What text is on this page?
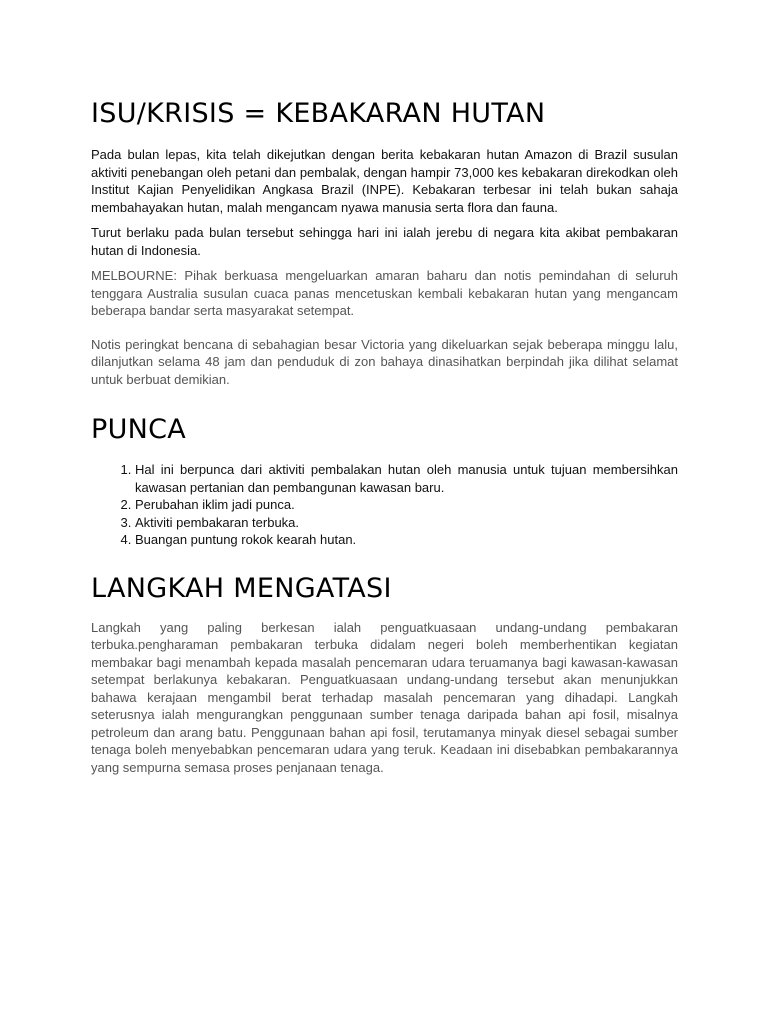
ISU/KRISIS = KEBAKARAN HUTAN

Pada bulan lepas, kita telah dikejutkan dengan berita kebakaran hutan Amazon di Brazil susulan aktiviti penebangan oleh petani dan pembalak, dengan hampir 73,000 kes kebakaran direkodkan oleh Institut Kajian Penyelidikan Angkasa Brazil (INPE). Kebakaran terbesar ini telah bukan sahaja membahayakan hutan, malah mengancam nyawa manusia serta flora dan fauna.

Turut berlaku pada bulan tersebut sehingga hari ini ialah jerebu di negara kita akibat pembakaran hutan di Indonesia.

MELBOURNE: Pihak berkuasa mengeluarkan amaran baharu dan notis pemindahan di seluruh tenggara Australia susulan cuaca panas mencetuskan kembali kebakaran hutan yang mengancam beberapa bandar serta masyarakat setempat.

Notis peringkat bencana di sebahagian besar Victoria yang dikeluarkan sejak beberapa minggu lalu, dilanjutkan selama 48 jam dan penduduk di zon bahaya dinasihatkan berpindah jika dilihat selamat untuk berbuat demikian.

PUNCA
1. Hal ini berpunca dari aktiviti pembalakan hutan oleh manusia untuk tujuan membersihkan kawasan pertanian dan pembangunan kawasan baru.
2. Perubahan iklim jadi punca.
3. Aktiviti pembakaran terbuka.
4. Buangan puntung rokok kearah hutan.
LANGKAH MENGATASI

Langkah yang paling berkesan ialah penguatkuasaan undang-undang pembakaran terbuka.pengharaman pembakaran terbuka didalam negeri boleh memberhentikan kegiatan membakar bagi menambah kepada masalah pencemaran udara teruamanya bagi kawasan-kawasan setempat berlakunya kebakaran. Penguatkuasaan undang-undang tersebut akan menunjukkan bahawa kerajaan mengambil berat terhadap masalah pencemaran yang dihadapi. Langkah seterusnya ialah mengurangkan penggunaan sumber tenaga daripada bahan api fosil, misalnya petroleum dan arang batu. Penggunaan bahan api fosil, terutamanya minyak diesel sebagai sumber tenaga boleh menyebabkan pencemaran udara yang teruk. Keadaan ini disebabkan pembakarannya yang sempurna semasa proses penjanaan tenaga.
